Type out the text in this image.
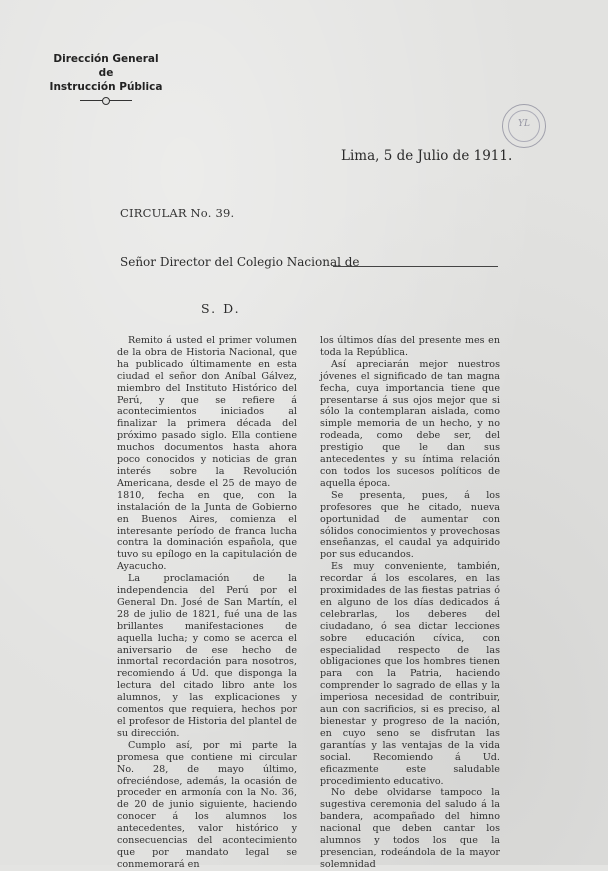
Dirección General
de
Instrucción Pública
YL
Lima, 5 de Julio de 1911.
CIRCULAR No. 39.
Señor Director del Colegio Nacional de
S. D.

Remito á usted el primer volumen de la obra de Historia Nacional, que ha publicado últimamente en esta ciudad el señor don Aníbal Gálvez, miembro del Instituto Histórico del Perú, y que se refiere á acontecimientos iniciados al finalizar la primera década del próximo pasado siglo. Ella contiene muchos documentos hasta ahora poco conocidos y noticias de gran interés sobre la Revolución Americana, desde el 25 de mayo de 1810, fecha en que, con la instalación de la Junta de Gobierno en Buenos Aires, comienza el interesante período de franca lucha contra la dominación española, que tuvo su epílogo en la capitulación de Ayacucho.

La proclamación de la independencia del Perú por el General Dn. José de San Martín, el 28 de julio de 1821, fué una de las brillantes manifestaciones de aquella lucha; y como se acerca el aniversario de ese hecho de inmortal recordación para nosotros, recomiendo á Ud. que disponga la lectura del citado libro ante los alumnos, y las explicaciones y comentos que requiera, hechos por el profesor de Historia del plantel de su dirección.

Cumplo así, por mi parte la promesa que contiene mi circular No. 28, de mayo último, ofreciéndose, además, la ocasión de proceder en armonía con la No. 36, de 20 de junio siguiente, haciendo conocer á los alumnos los antecedentes, valor histórico y consecuencias del acontecimiento que por mandato legal se conmemorará en

los últimos días del presente mes en toda la República.

Así apreciarán mejor nuestros jóvenes el significado de tan magna fecha, cuya importancia tiene que presentarse á sus ojos mejor que si sólo la contemplaran aislada, como simple memoria de un hecho, y no rodeada, como debe ser, del prestigio que le dan sus antecedentes y su íntima relación con todos los sucesos políticos de aquella época.

Se presenta, pues, á los profesores que he citado, nueva oportunidad de aumentar con sólidos conocimientos y provechosas enseñanzas, el caudal ya adquirido por sus educandos.

Es muy conveniente, también, recordar á los escolares, en las proximidades de las fiestas patrias ó en alguno de los días dedicados á celebrarlas, los deberes del ciudadano, ó sea dictar lecciones sobre educación cívica, con especialidad respecto de las obligaciones que los hombres tienen para con la Patria, haciendo comprender lo sagrado de ellas y la imperiosa necesidad de contribuir, aun con sacrificios, si es preciso, al bienestar y progreso de la nación, en cuyo seno se disfrutan las garantías y las ventajas de la vida social. Recomiendo á Ud. eficazmente este saludable procedimiento educativo.

No debe olvidarse tampoco la sugestiva ceremonia del saludo á la bandera, acompañado del himno nacional que deben cantar los alumnos y todos los que la presencian, rodeándola de la mayor solemnidad
